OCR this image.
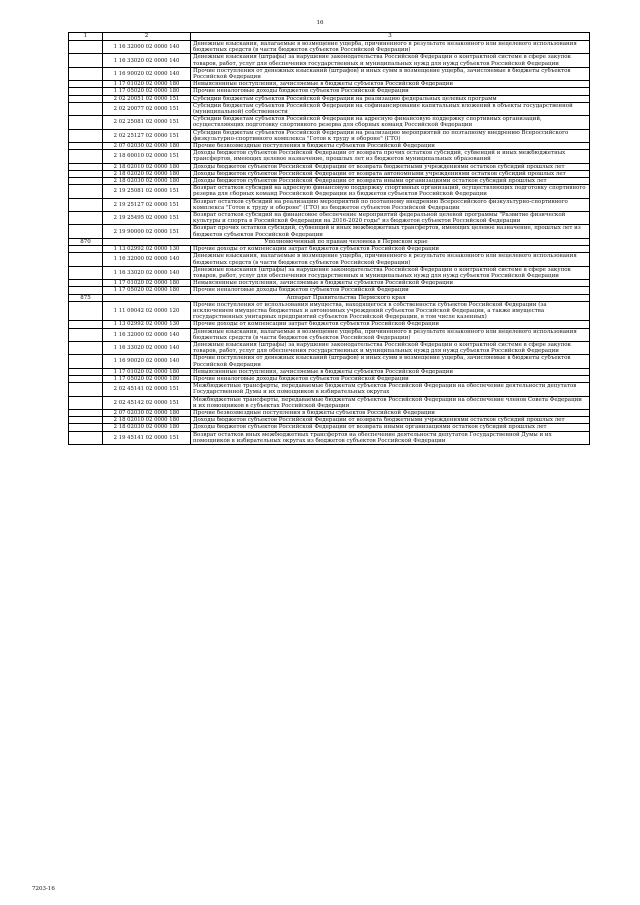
16
1	2	3
	1 16 32000 02 0000 140	Денежные взыскания, налагаемые в возмещение ущерба, причиненного в результате незаконного или нецелевого использования бюджетных средств (в части бюджетов субъектов Российской Федерации)
	1 16 33020 02 0000 140	Денежные взыскания (штрафы) за нарушение законодательства Российской Федерации о контрактной системе в сфере закупок товаров, работ, услуг для обеспечения государственных и муниципальных нужд для нужд субъектов Российской Федерации
	1 16 90020 02 0000 140	Прочие поступления от денежных взысканий (штрафов) и иных сумм в возмещение ущерба, зачисляемые в бюджеты субъектов Российской Федерации
	1 17 01020 02 0000 180	Невыясненные поступления, зачисляемые в бюджеты субъектов Российской Федерации
	1 17 05020 02 0000 180	Прочие неналоговые доходы бюджетов субъектов Российской Федерации
	2 02 20051 02 0000 151	Субсидии бюджетам субъектов Российской Федерации на реализацию федеральных целевых программ
	2 02 20077 02 0000 151	Субсидии бюджетам субъектов Российской Федерации на софинансирование капитальных вложений в объекты государственной (муниципальной) собственности
	2 02 25081 02 0000 151	Субсидии бюджетам субъектов Российской Федерации на адресную финансовую поддержку спортивных организаций, осуществляющих подготовку спортивного резерва для сборных команд Российской Федерации
	2 02 25127 02 0000 151	Субсидии бюджетам субъектов Российской Федерации на реализацию мероприятий по поэтапному внедрению Всероссийского физкультурно-спортивного комплекса "Готов к труду и обороне" (ГТО)
	2 07 02030 02 0000 180	Прочие безвозмездные поступления в бюджеты субъектов Российской Федерации
	2 18 60010 02 0000 151	Доходы бюджетов субъектов Российской Федерации от возврата прочих остатков субсидий, субвенций и иных межбюджетных трансфертов, имеющих целевое назначение, прошлых лет из бюджетов муниципальных образований
	2 18 02010 02 0000 180	Доходы бюджетов субъектов Российской Федерации от возврата бюджетными учреждениями остатков субсидий прошлых лет
	2 18 02020 02 0000 180	Доходы бюджетов субъектов Российской Федерации от возврата автономными учреждениями остатков субсидий прошлых лет
	2 18 02030 02 0000 180	Доходы бюджетов субъектов Российской Федерации от возврата иными организациями остатков субсидий прошлых лет
	2 19 25081 02 0000 151	Возврат остатков субсидий на адресную финансовую поддержку спортивных организаций, осуществляющих подготовку спортивного резерва для сборных команд Российской Федерации из бюджетов субъектов Российской Федерации
	2 19 25127 02 0000 151	Возврат остатков субсидий на реализацию мероприятий по поэтапному внедрению Всероссийского физкультурно-спортивного комплекса "Готов к труду и обороне" (ГТО) из бюджетов субъектов Российской Федерации
	2 19 25495 02 0000 151	Возврат остатков субсидий на финансовое обеспечение мероприятий федеральной целевой программы "Развитие физической культуры и спорта в Российской Федерации на 2016-2020 годы" из бюджетов субъектов Российской Федерации
	2 19 90000 02 0000 151	Возврат прочих остатков субсидий, субвенций и иных межбюджетных трансфертов, имеющих целевое назначение, прошлых лет из бюджетов субъектов Российской Федерации
870	Уполномоченный по правам человека в Пермском крае	
	1 13 02992 02 0000 130	Прочие доходы от компенсации затрат бюджетов субъектов Российской Федерации
	1 16 32000 02 0000 140	Денежные взыскания, налагаемые в возмещение ущерба, причиненного в результате незаконного или нецелевого использования бюджетных средств (в части бюджетов субъектов Российской Федерации)
	1 16 33020 02 0000 140	Денежные взыскания (штрафы) за нарушение законодательства Российской Федерации о контрактной системе в сфере закупок товаров, работ, услуг для обеспечения государственных и муниципальных нужд для нужд субъектов Российской Федерации
	1 17 01020 02 0000 180	Невыясненные поступления, зачисляемые в бюджеты субъектов Российской Федерации
	1 17 05020 02 0000 180	Прочие неналоговые доходы бюджетов субъектов Российской Федерации
875	Аппарат Правительства Пермского края	
	1 11 09042 02 0000 120	Прочие поступления от использования имущества, находящегося в собственности субъектов Российской Федерации (за исключением имущества бюджетных и автономных учреждений субъектов Российской Федерации, а также имущества государственных унитарных предприятий субъектов Российской Федерации, в том числе казенных)
	1 13 02992 02 0000 130	Прочие доходы от компенсации затрат бюджетов субъектов Российской Федерации
	1 16 32000 02 0000 140	Денежные взыскания, налагаемые в возмещение ущерба, причиненного в результате незаконного или нецелевого использования бюджетных средств (в части бюджетов субъектов Российской Федерации)
	1 16 33020 02 0000 140	Денежные взыскания (штрафы) за нарушение законодательства Российской Федерации о контрактной системе в сфере закупок товаров, работ, услуг для обеспечения государственных и муниципальных нужд для нужд субъектов Российской Федерации
	1 16 90020 02 0000 140	Прочие поступления от денежных взысканий (штрафов) и иных сумм в возмещение ущерба, зачисляемые в бюджеты субъектов Российской Федерации
	1 17 01020 02 0000 180	Невыясненные поступления, зачисляемые в бюджеты субъектов Российской Федерации
	1 17 05020 02 0000 180	Прочие неналоговые доходы бюджетов субъектов Российской Федерации
	2 02 45141 02 0000 151	Межбюджетные трансферты, передаваемые бюджетам субъектов Российской Федерации на обеспечение деятельности депутатов Государственной Думы и их помощников в избирательных округах
	2 02 45142 02 0000 151	Межбюджетные трансферты, передаваемые бюджетам субъектов Российской Федерации на обеспечение членов Совета Федерации и их помощников в субъектах Российской Федерации
	2 07 02030 02 0000 180	Прочие безвозмездные поступления в бюджеты субъектов Российской Федерации
	2 18 02010 02 0000 180	Доходы бюджетов субъектов Российской Федерации от возврата бюджетными учреждениями остатков субсидий прошлых лет
	2 18 02030 02 0000 180	Доходы бюджетов субъектов Российской Федерации от возврата иными организациями остатков субсидий прошлых лет
	2 19 45141 02 0000 151	Возврат остатков иных межбюджетных трансфертов на обеспечение деятельности депутатов Государственной Думы и их помощников в избирательных округах из бюджетов субъектов Российской Федерации
7203-16
